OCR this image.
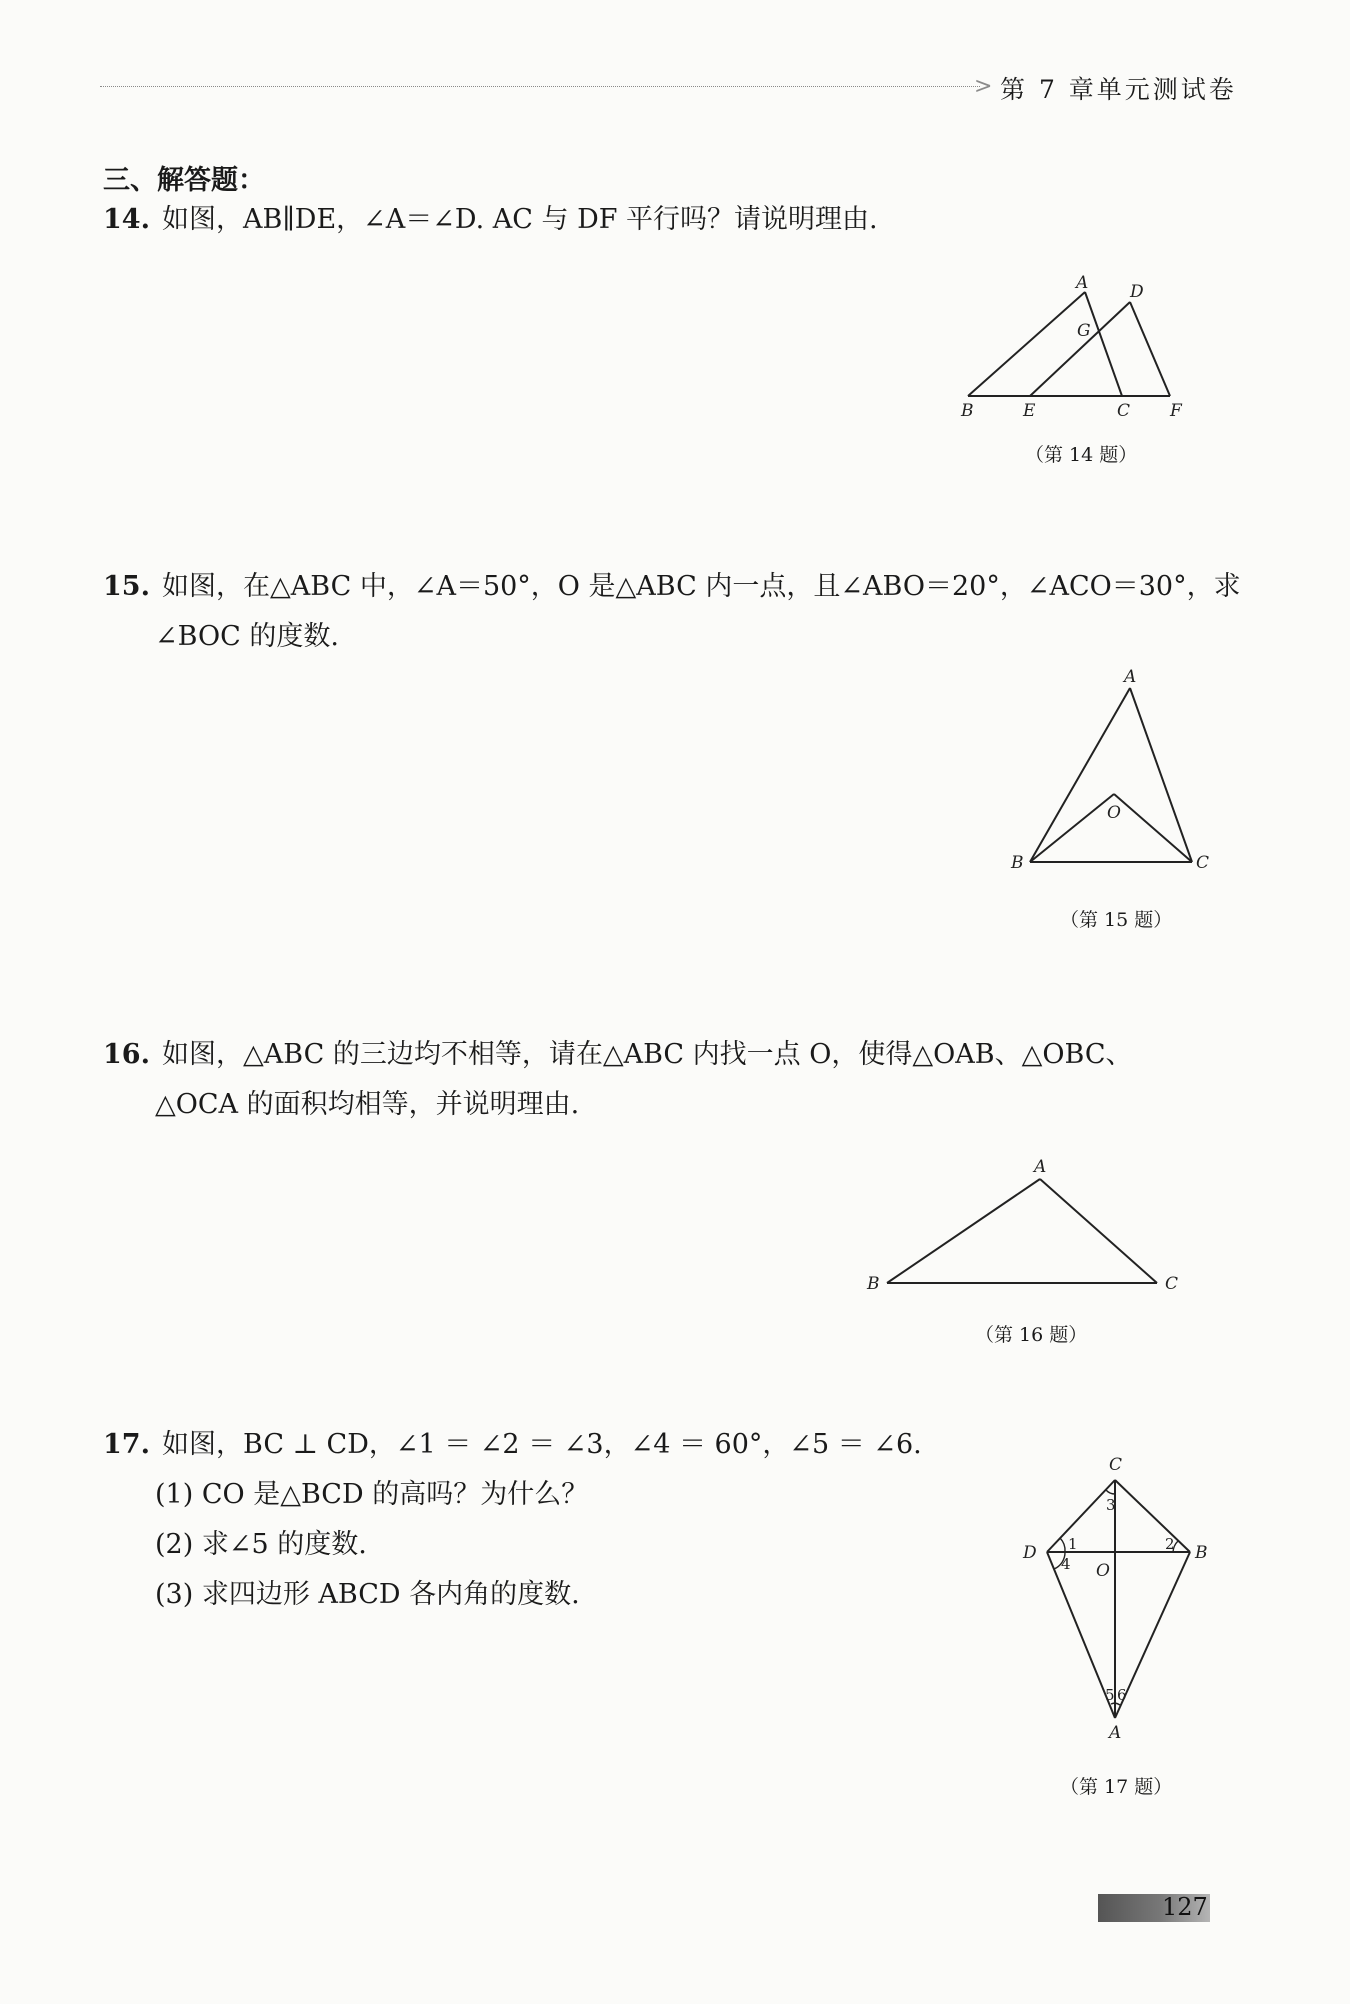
> 第 7 章单元测试卷
三、解答题：
14. 如图，AB∥DE，∠A＝∠D. AC 与 DF 平行吗？请说明理由.
A D
G
B	E	C F
（第 14 题）
15. 如图，在△ABC 中，∠A＝50°，O 是△ABC 内一点，且∠ABO＝20°，∠ACO＝30°，求
∠BOC 的度数.
A
O
B	C
（第 15 题）
16. 如图，△ABC 的三边均不相等，请在△ABC 内找一点 O，使得△OAB、△OBC、
△OCA 的面积均相等，并说明理由.
A
B	C
（第 16 题）
17. 如图，BC ⊥ CD，∠1 ＝ ∠2 ＝ ∠3，∠4 ＝ 60°，∠5 ＝ ∠6.
(1) CO 是△BCD 的高吗？为什么？
(2) 求∠5 的度数.
(3) 求四边形 ABCD 各内角的度数.
C
D	B
O
A
1	2
3
4
5 6
（第 17 题）
127
